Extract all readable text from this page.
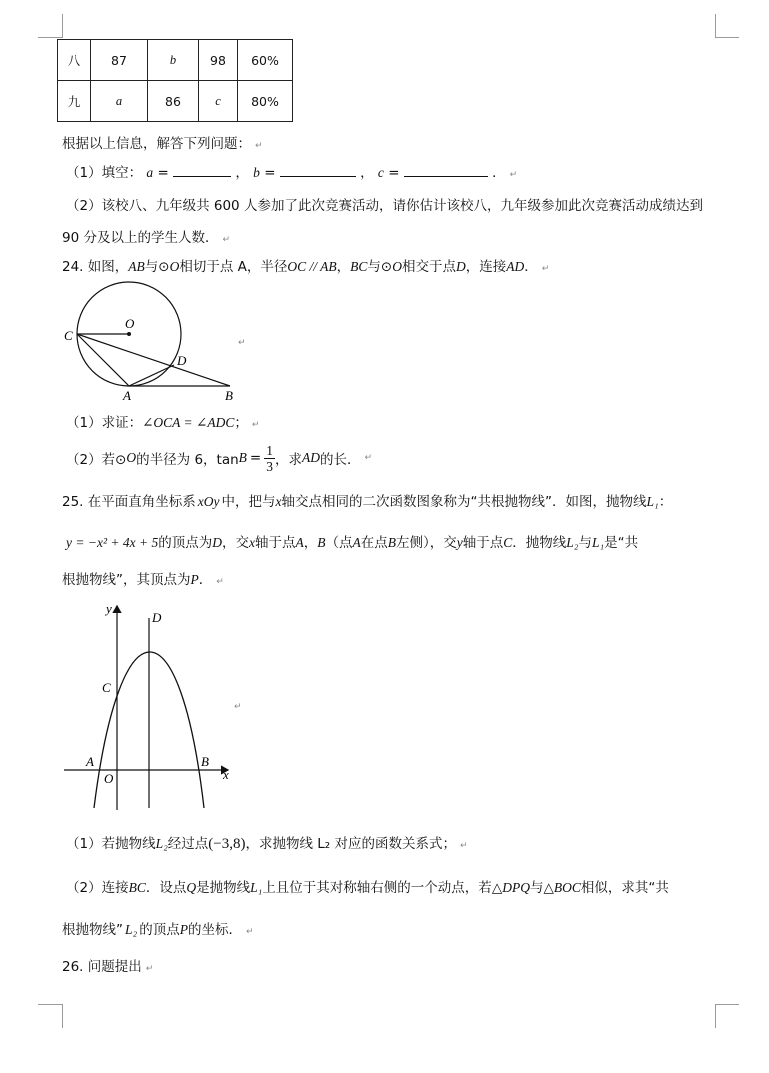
八	87	b	98	60%
九	a	86	c	80%
根据以上信息，解答下列问题： ↵
（1）填空： a =	， b =	， c =	． ↵
（2）该校八、九年级共 600 人参加了此次竞赛活动，请你估计该校八，九年级参加此次竞赛活动成绩达到
90 分及以上的学生人数． ↵
24. 如图，AB与⊙O相切于点 A，半径OC // AB，BC与⊙O相交于点D，连接AD． ↵
C
O
D
A	B
↵
（1）求证：∠OCA = ∠ADC； ↵
（2）若⊙ O 的半径为 6，$\tan B = \frac{1}{3}$ ，求 AD 的长． ↵
25. 在平面直角坐标系 xOy 中，把与x轴交点相同的二次函数图象称为“共根抛物线”．如图，抛物线L₁：
y = −x² + 4x + 5的顶点为D，交x轴于点A，B（点A在点B左侧），交y轴于点C．抛物线L₂与L₁是“共
根抛物线”，其顶点为P． ↵
y
D
C
A
O
B
x
↵
（1）若抛物线L₂经过点(−3,8)，求抛物线 L₂ 对应的函数关系式； ↵
（2）连接BC．设点Q是抛物线L₁上且位于其对称轴右侧的一个动点，若△DPQ与△BOC相似，求其“共
根抛物线” L₂ 的顶点P的坐标． ↵
26. 问题提出 ↵
